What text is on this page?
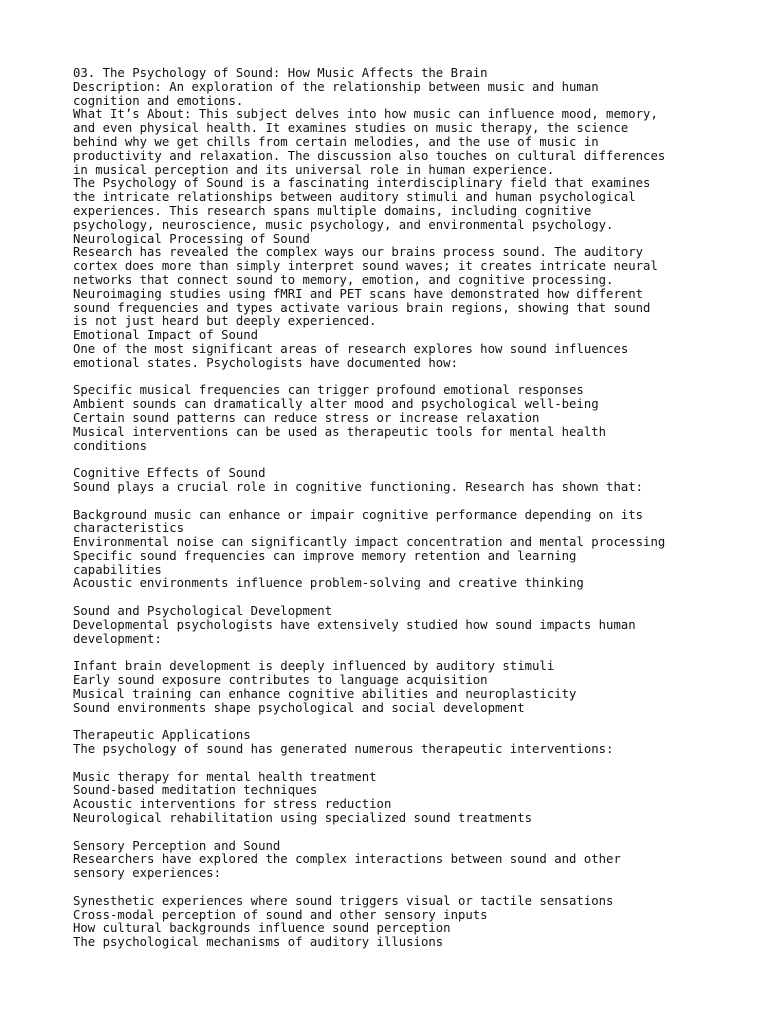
03. The Psychology of Sound: How Music Affects the Brain
Description: An exploration of the relationship between music and human
cognition and emotions.
What It’s About: This subject delves into how music can influence mood, memory,
and even physical health. It examines studies on music therapy, the science
behind why we get chills from certain melodies, and the use of music in
productivity and relaxation. The discussion also touches on cultural differences
in musical perception and its universal role in human experience.
The Psychology of Sound is a fascinating interdisciplinary field that examines
the intricate relationships between auditory stimuli and human psychological
experiences. This research spans multiple domains, including cognitive
psychology, neuroscience, music psychology, and environmental psychology.
Neurological Processing of Sound
Research has revealed the complex ways our brains process sound. The auditory
cortex does more than simply interpret sound waves; it creates intricate neural
networks that connect sound to memory, emotion, and cognitive processing.
Neuroimaging studies using fMRI and PET scans have demonstrated how different
sound frequencies and types activate various brain regions, showing that sound
is not just heard but deeply experienced.
Emotional Impact of Sound
One of the most significant areas of research explores how sound influences
emotional states. Psychologists have documented how:
Specific musical frequencies can trigger profound emotional responses
Ambient sounds can dramatically alter mood and psychological well-being
Certain sound patterns can reduce stress or increase relaxation
Musical interventions can be used as therapeutic tools for mental health
conditions
Cognitive Effects of Sound
Sound plays a crucial role in cognitive functioning. Research has shown that:
Background music can enhance or impair cognitive performance depending on its
characteristics
Environmental noise can significantly impact concentration and mental processing
Specific sound frequencies can improve memory retention and learning
capabilities
Acoustic environments influence problem-solving and creative thinking
Sound and Psychological Development
Developmental psychologists have extensively studied how sound impacts human
development:
Infant brain development is deeply influenced by auditory stimuli
Early sound exposure contributes to language acquisition
Musical training can enhance cognitive abilities and neuroplasticity
Sound environments shape psychological and social development
Therapeutic Applications
The psychology of sound has generated numerous therapeutic interventions:
Music therapy for mental health treatment
Sound-based meditation techniques
Acoustic interventions for stress reduction
Neurological rehabilitation using specialized sound treatments
Sensory Perception and Sound
Researchers have explored the complex interactions between sound and other
sensory experiences:
Synesthetic experiences where sound triggers visual or tactile sensations
Cross-modal perception of sound and other sensory inputs
How cultural backgrounds influence sound perception
The psychological mechanisms of auditory illusions
